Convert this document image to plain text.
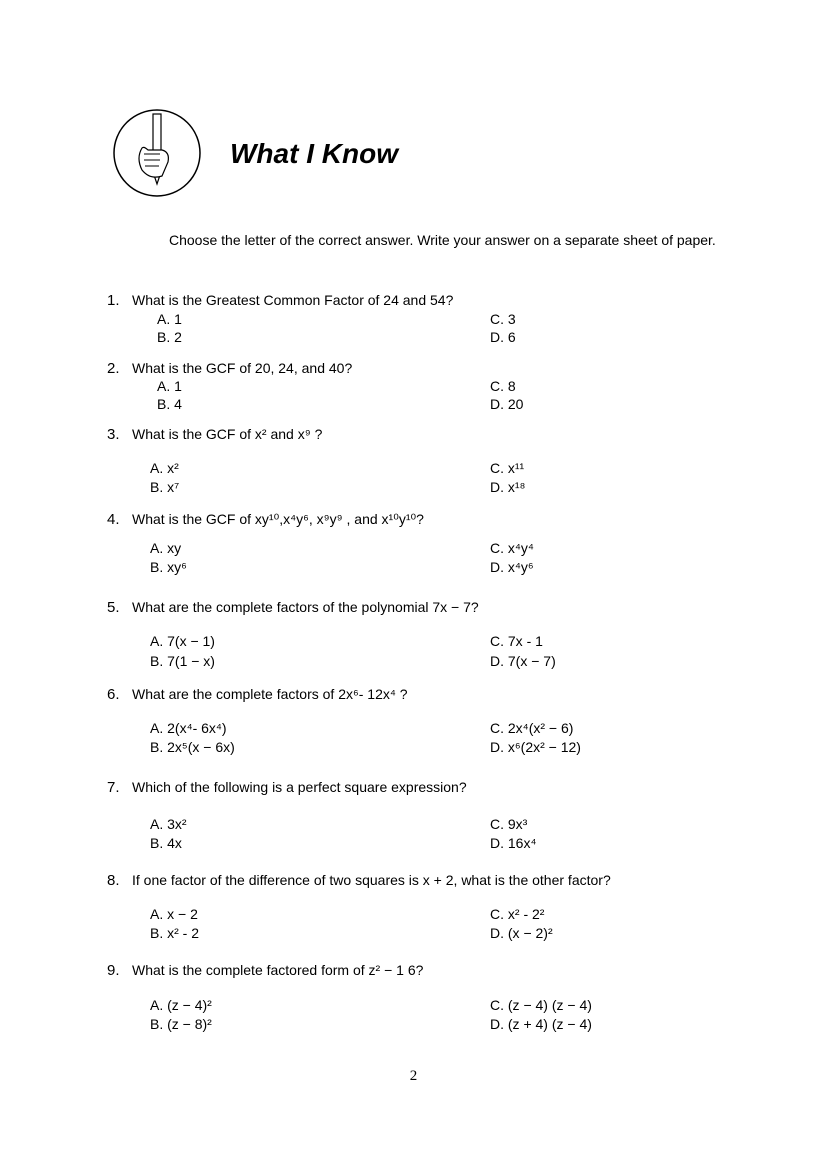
What I Know
Choose the letter of the correct answer. Write your answer on a separate sheet of paper.
1. What is the Greatest Common Factor of 24 and 54?
A. 1
B. 2
C. 3
D. 6
2. What is the GCF of 20, 24, and 40?
A. 1
B. 4
C. 8
D. 20
3. What is the GCF of x² and x⁹ ?
A. x²
B. x⁷
C. x¹¹
D. x¹⁸
4. What is the GCF of xy¹⁰,x⁴y⁶, x⁹y⁹ , and x¹⁰y¹⁰?
A. xy
B. xy⁶
C. x⁴y⁴
D. x⁴y⁶
5. What are the complete factors of the polynomial 7x − 7?
A. 7(x − 1)
B. 7(1 − x)
C. 7x - 1
D. 7(x − 7)
6. What are the complete factors of 2x⁶- 12x⁴ ?
A. 2(x⁴- 6x⁴)
B. 2x⁵(x − 6x)
C. 2x⁴(x² − 6)
D. x⁶(2x² − 12)
7. Which of the following is a perfect square expression?
A. 3x²
B. 4x
C. 9x³
D. 16x⁴
8. If one factor of the difference of two squares is x + 2, what is the other factor?
A. x − 2
B. x² - 2
C. x² - 2²
D. (x − 2)²
9. What is the complete factored form of z² − 1 6?
A. (z − 4)²
B. (z − 8)²
C. (z − 4) (z − 4)
D. (z + 4) (z − 4)
2
